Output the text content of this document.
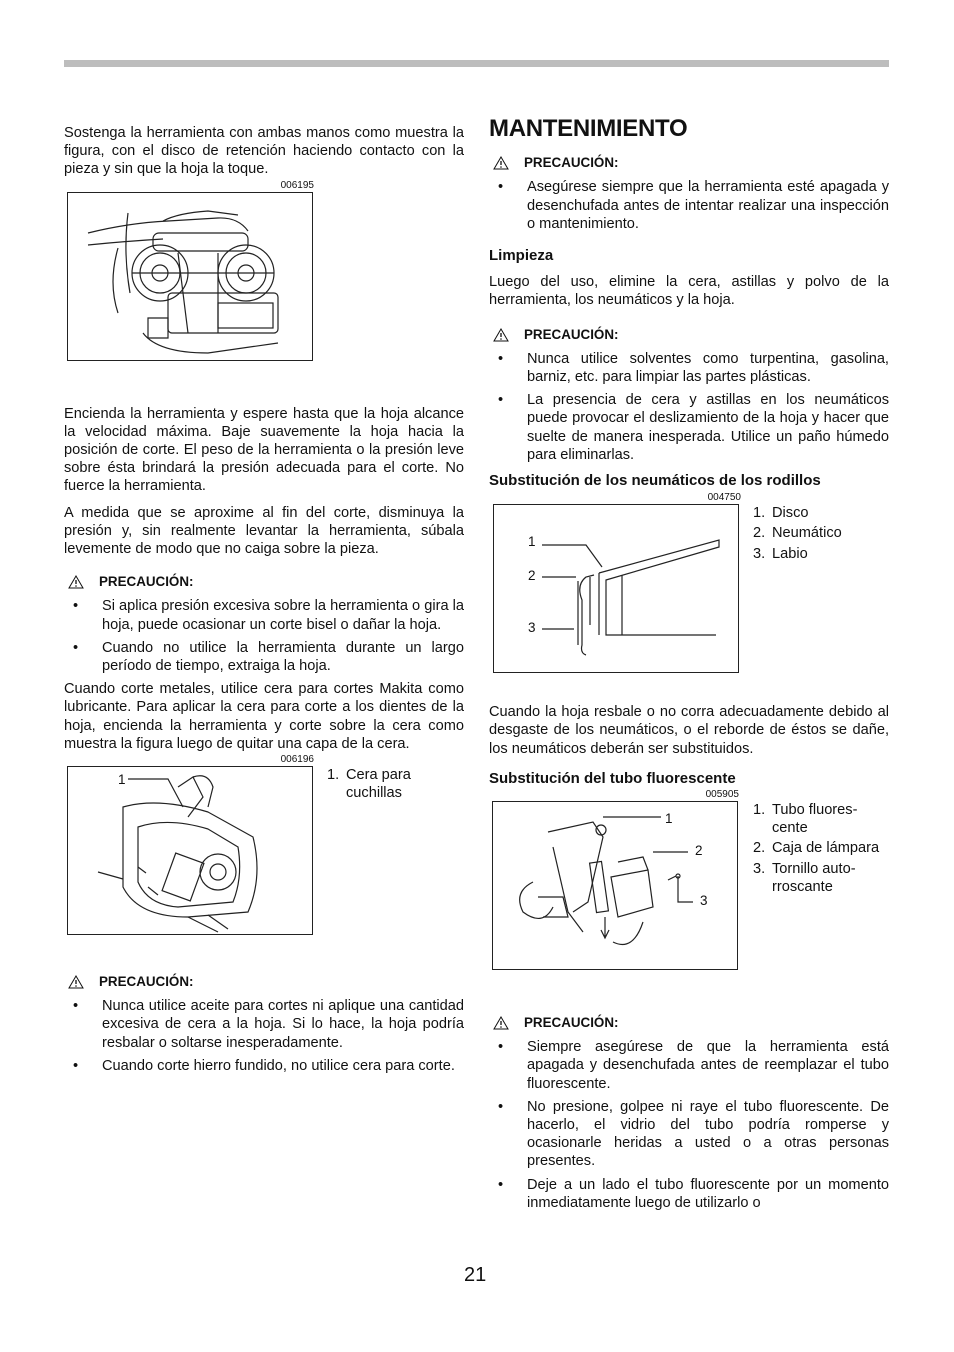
Sostenga la herramienta con ambas manos como muestra la figura, con el disco de retención haciendo contacto con la pieza y sin que la hoja la toque.

006195

Encienda la herramienta y espere hasta que la hoja alcance la velocidad máxima. Baje suavemente la hoja hacia la posición de corte. El peso de la herramienta o la presión leve sobre ésta brindará la presión adecuada para el corte. No fuerce la herramienta.

A medida que se aproxime al fin del corte, disminuya la presión y, sin realmente levantar la herramienta, súbala levemente de modo que no caiga sobre la pieza.

PRECAUCIÓN:
• Si aplica presión excesiva sobre la herramienta o gira la hoja, puede ocasionar un corte bisel o dañar la hoja.
• Cuando no utilice la herramienta durante un largo período de tiempo, extraiga la hoja.

Cuando corte metales, utilice cera para cortes Makita como lubricante. Para aplicar la cera para corte a los dientes de la hoja, encienda la herramienta y corte sobre la cera como muestra la figura luego de quitar una capa de la cera.

006196
1	1. Cera para cuchillas
PRECAUCIÓN:
• Nunca utilice aceite para cortes ni aplique una cantidad excesiva de cera a la hoja. Si lo hace, la hoja podría resbalar o soltarse inesperadamente.
• Cuando corte hierro fundido, no utilice cera para corte.
MANTENIMIENTO
PRECAUCIÓN:
• Asegúrese siempre que la herramienta esté apagada y desenchufada antes de intentar realizar una inspección o mantenimiento.
Limpieza

Luego del uso, elimine la cera, astillas y polvo de la herramienta, los neumáticos y la hoja.

PRECAUCIÓN:
• Nunca utilice solventes como turpentina, gasolina, barniz, etc. para limpiar las partes plásticas.
• La presencia de cera y astillas en los neumáticos puede provocar el deslizamiento de la hoja y hacer que suelte de manera inesperada. Utilice un paño húmedo para eliminarlas.
Substitución de los neumáticos de los rodillos
004750
1
2
3
1. Disco
2. Neumático
3. Labio

Cuando la hoja resbale o no corra adecuadamente debido al desgaste de los neumáticos, o el reborde de éstos se dañe, los neumáticos deberán ser substituidos.

Substitución del tubo fluorescente
005905
1
2
3
1. Tubo fluores- cente
2. Caja de lámpara
3. Tornillo auto- rroscante
PRECAUCIÓN:
• Siempre asegúrese de que la herramienta está apagada y desenchufada antes de reemplazar el tubo fluorescente.
• No presione, golpee ni raye el tubo fluorescente. De hacerlo, el vidrio del tubo podría romperse y ocasionarle heridas a usted o a otras personas presentes.
• Deje a un lado el tubo fluorescente por un momento inmediatamente luego de utilizarlo o
21
